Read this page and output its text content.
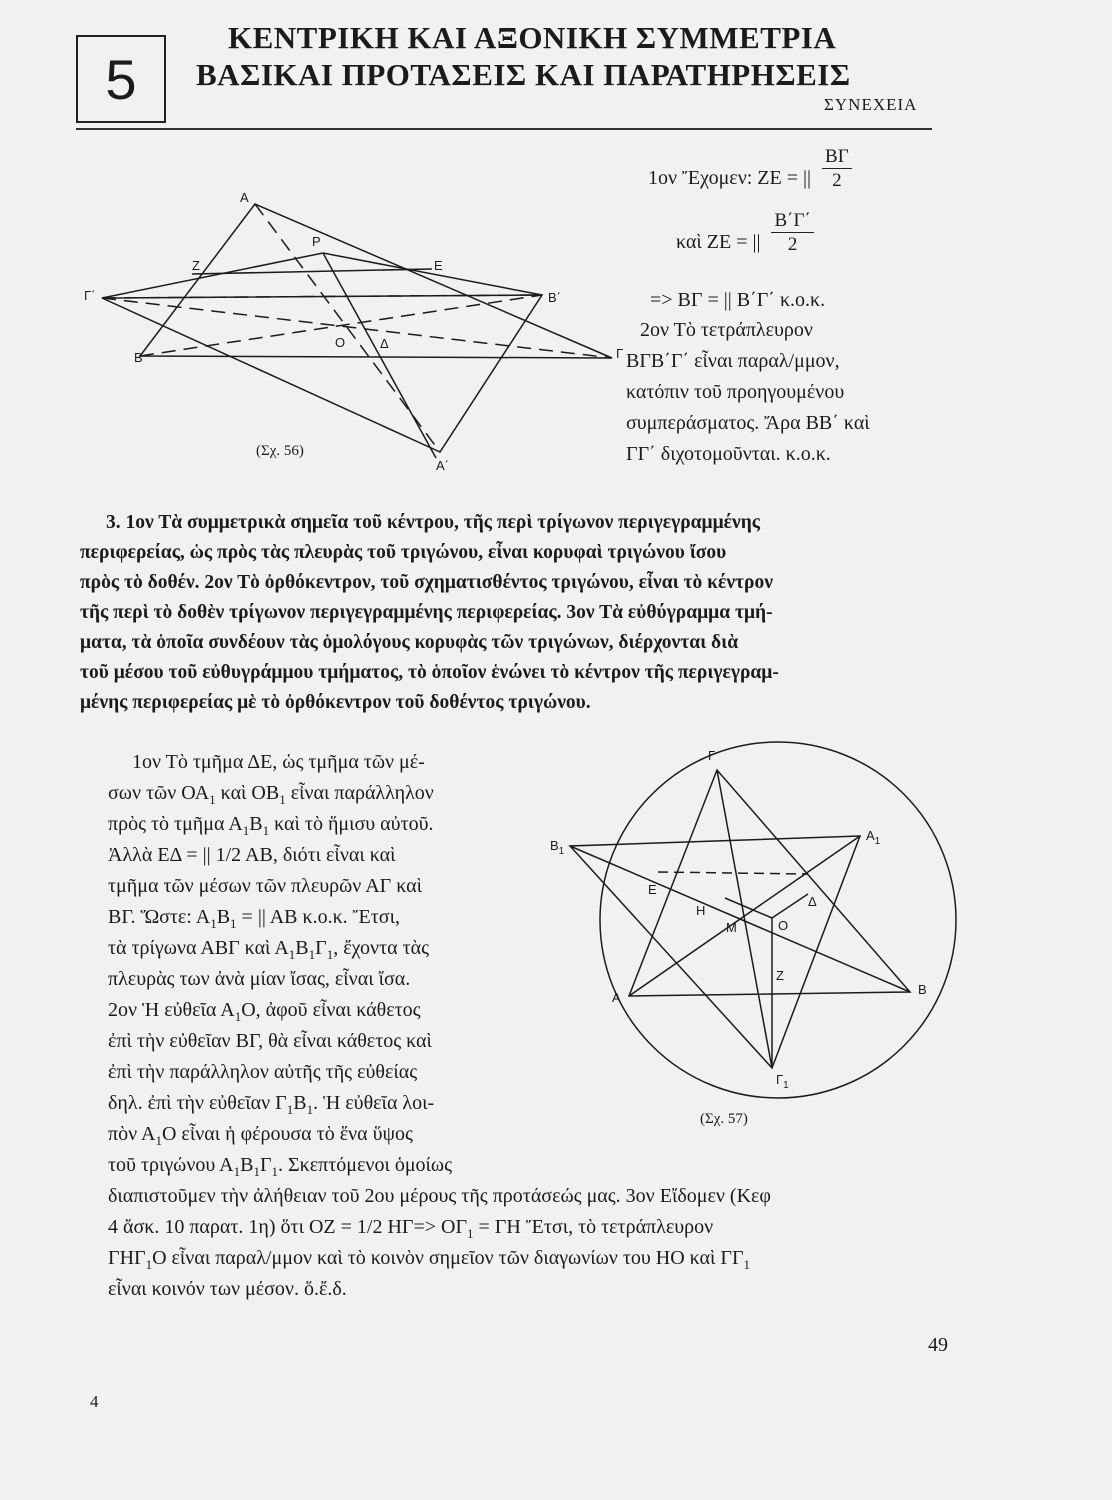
5
ΚΕΝΤΡΙΚΗ ΚΑΙ ΑΞΟΝΙΚΗ ΣΥΜΜΕΤΡΙΑ
ΒΑΣΙΚΑΙ ΠΡΟΤΑΣΕΙΣ ΚΑΙ ΠΑΡΑΤΗΡΗΣΕΙΣ
ΣΥΝΕΧΕΙΑ
Α
Ζ
Ρ
Ε
Γ΄	Β΄
Β
Ο	Δ
Γ
Α΄
(Σχ. 56)
1ον Ἔχομεν: ΖΕ = || $\frac{B\Gamma}{2}$
καὶ ΖΕ = || $\frac{B΄\Gamma΄}{2}$
=> ΒΓ = || Β΄Γ΄ κ.ο.κ.
2ον Τὸ τετράπλευρον
ΒΓΒ΄Γ΄ εἶναι παραλ/μμον,
κατόπιν τοῦ προηγουμένου
συμπεράσματος. Ἄρα ΒΒ΄ καὶ
ΓΓ΄ διχοτομοῦνται. κ.ο.κ.
3. 1ον Τὰ συμμετρικὰ σημεῖα τοῦ κέντρου, τῆς περὶ τρίγωνον περιγεγραμμένης
περιφερείας, ὡς πρὸς τὰς πλευρὰς τοῦ τριγώνου, εἶναι κορυφαὶ τριγώνου ἴσου
πρὸς τὸ δοθέν. 2ον Τὸ ὀρθόκεντρον, τοῦ σχηματισθέντος τριγώνου, εἶναι τὸ κέντρον
τῆς περὶ τὸ δοθὲν τρίγωνον περιγεγραμμένης περιφερείας. 3ον Τὰ εὐθύγραμμα τμή-
ματα, τὰ ὁποῖα συνδέουν τὰς ὁμολόγους κορυφὰς τῶν τριγώνων, διέρχονται διὰ
τοῦ μέσου τοῦ εὐθυγράμμου τμήματος, τὸ ὁποῖον ἑνώνει τὸ κέντρον τῆς περιγεγραμ-
μένης περιφερείας μὲ τὸ ὀρθόκεντρον τοῦ δοθέντος τριγώνου.
1ον Τὸ τμῆμα ΔΕ, ὡς τμῆμα τῶν μέ-
σων τῶν $OA_1$ καὶ $OB_1$ εἶναι παράλληλον
πρὸς τὸ τμῆμα $A_1B_1$ καὶ τὸ ἥμισυ αὐτοῦ.
Ἀλλὰ ΕΔ = || 1/2 ΑΒ, διότι εἶναι καὶ
τμῆμα τῶν μέσων τῶν πλευρῶν ΑΓ καὶ
ΒΓ. Ὥστε: $A_1B_1$ = || ΑΒ κ.ο.κ. Ἔτσι,
τὰ τρίγωνα ΑΒΓ καὶ $A_1B_1\Gamma_1$, ἔχοντα τὰς
πλευρὰς των ἀνὰ μίαν ἴσας, εἶναι ἴσα.
2ον Ἡ εὐθεῖα $A_1O$, ἀφοῦ εἶναι κάθετος
ἐπὶ τὴν εὐθεῖαν ΒΓ, θὰ εἶναι κάθετος καὶ
ἐπὶ τὴν παράλληλον αὐτῆς τῆς εὐθείας
δηλ. ἐπὶ τὴν εὐθεῖαν $\Gamma_1B_1$. Ἡ εὐθεῖα λοι-
πὸν $A_1O$ εἶναι ἡ φέρουσα τὸ ἕνα ὕψος
τοῦ τριγώνου $A_1B_1\Gamma_1$. Σκεπτόμενοι ὁμοίως
διαπιστοῦμεν τὴν ἀλήθειαν τοῦ 2ου μέρους τῆς προτάσεώς μας. 3ον Εἴδομεν (Κεφ
4 ἄσκ. 10 παρατ. 1η) ὅτι ΟΖ = 1/2 $H\Gamma=> O\Gamma_1 = \Gamma H$ Ἔτσι, τὸ τετράπλευρον
$\Gamma H\Gamma_1O$ εἶναι παραλ/μμον καὶ τὸ κοινὸν σημεῖον τῶν διαγωνίων του ΗΟ καὶ $\Gamma\Gamma_1$
εἶναι κοινόν των μέσον. ὅ.ἔ.δ.
Γ
$A_1$
$B_1$
Ε
Δ
Η
Μ	Ο
Ζ
Α
Β
$\Gamma_1$
(Σχ. 57)
49
4
